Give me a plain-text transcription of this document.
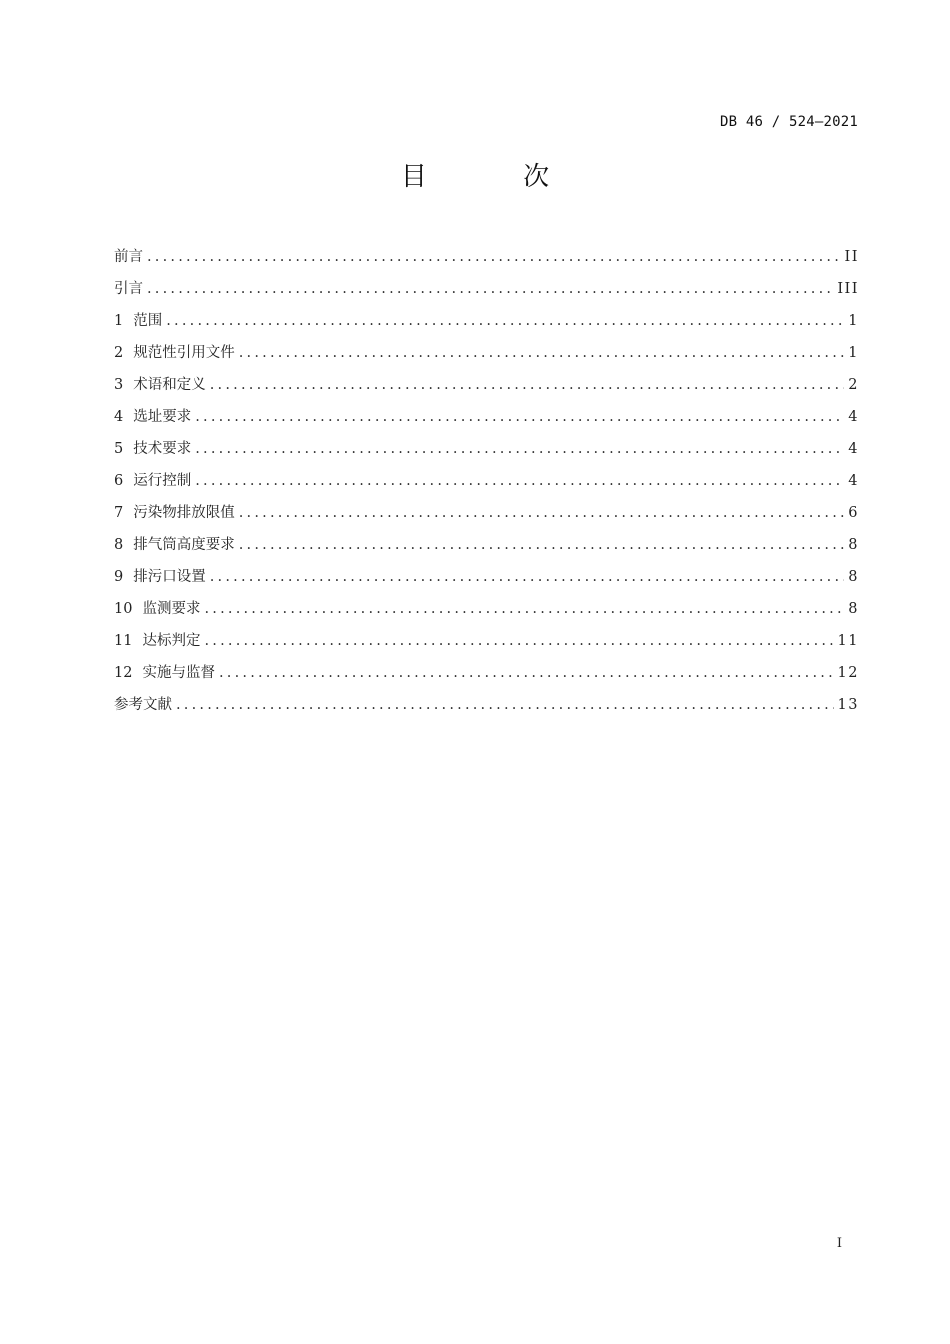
DB 46 / 524—2021
目 次
前言 .....	II
引言 .....	III
1 范围 .....	1
2 规范性引用文件 .....	1
3 术语和定义 .....	2
4 选址要求 .....	4
5 技术要求 .....	4
6 运行控制 .....	4
7 污染物排放限值 .....	6
8 排气筒高度要求 .....	8
9 排污口设置 .....	8
10 监测要求 .....	8
11 达标判定 .....	11
12 实施与监督 .....	12
参考文献 .....	13
I
